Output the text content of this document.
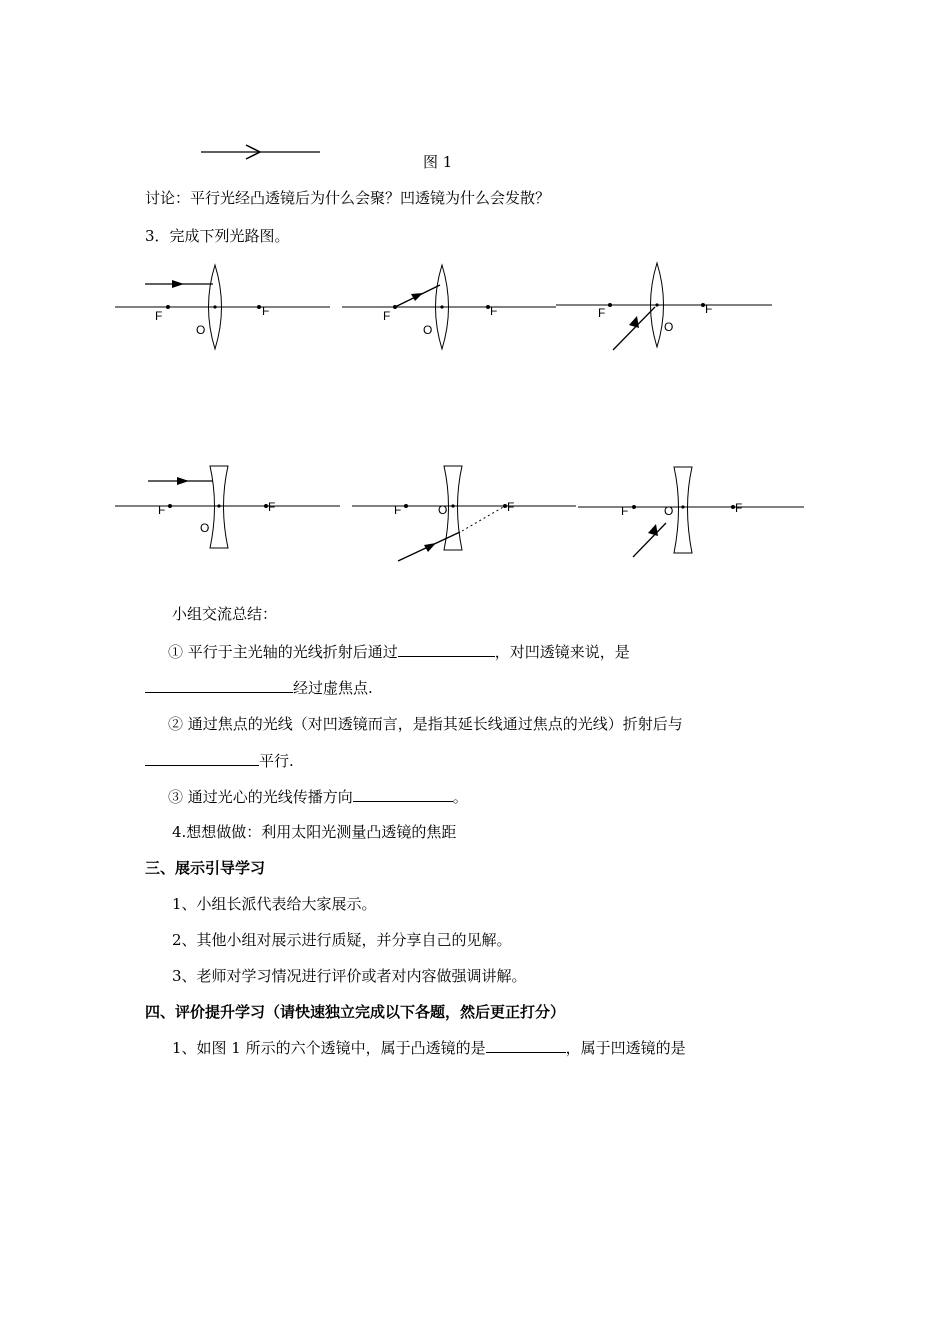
图 1
讨论：平行光经凸透镜后为什么会聚？凹透镜为什么会发散？
3．完成下列光路图。
F	F
O
F	F
O
F	F
O
F	F
O
F	F
O	F	F
O
小组交流总结：
① 平行于主光轴的光线折射后通过	，对凹透镜来说，是
经过虚焦点.
② 通过焦点的光线（对凹透镜而言，是指其延长线通过焦点的光线）折射后与
平行.
③ 通过光心的光线传播方向	。
4.想想做做：利用太阳光测量凸透镜的焦距
三、展示引导学习
1、小组长派代表给大家展示。
2、其他小组对展示进行质疑，并分享自己的见解。
3、老师对学习情况进行评价或者对内容做强调讲解。
四、评价提升学习（请快速独立完成以下各题，然后更正打分）
1、如图 1 所示的六个透镜中，属于凸透镜的是	，属于凹透镜的是
